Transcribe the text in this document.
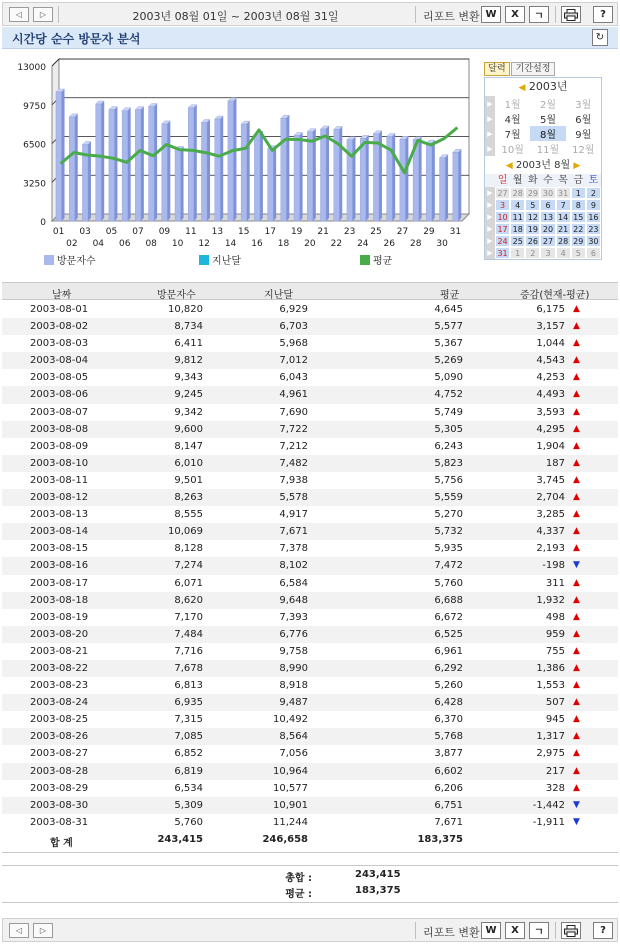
◁	▷	2003년 08월 01일 ~ 2003년 08월 31일	리포트 변환 W X ㄱ	?
시간당 순수 방문자 분석	↻
0
3250
6500
9750
13000
01
02
03
04
05
06
07
08
09
10
11
12
13
14
15
16
17
18
19
20
21
22
23
24
25
26
27
28
29
30
31
방문자수	지난달	평균
달력	기간설정
◀ 2003년
▶	1월	2월	3월
▶	4월	5월	6월
▶	7월	8월	9월
▶ 10월	11월	12월
◀ 2003년 8월 ▶
일 월 화 수 목 금 토
▶ 27 28 29 30 31 1	2
▶ 3	4	5	6	7	8	9
▶ 10 11 12 13 14 15 16
▶ 17 18 19 20 21 22 23
▶ 24 25 26 27 28 29 30
▶ 31 1	2	3	4	5	6
날짜	방문자수	지난달	평균	증감(현재-평균)
2003-08-01	10,820	6,929	4,645	6,175 ▲
2003-08-02	8,734	6,703	5,577	3,157 ▲
2003-08-03	6,411	5,968	5,367	1,044 ▲
2003-08-04	9,812	7,012	5,269	4,543 ▲
2003-08-05	9,343	6,043	5,090	4,253 ▲
2003-08-06	9,245	4,961	4,752	4,493 ▲
2003-08-07	9,342	7,690	5,749	3,593 ▲
2003-08-08	9,600	7,722	5,305	4,295 ▲
2003-08-09	8,147	7,212	6,243	1,904 ▲
2003-08-10	6,010	7,482	5,823	187 ▲
2003-08-11	9,501	7,938	5,756	3,745 ▲
2003-08-12	8,263	5,578	5,559	2,704 ▲
2003-08-13	8,555	4,917	5,270	3,285 ▲
2003-08-14	10,069	7,671	5,732	4,337 ▲
2003-08-15	8,128	7,378	5,935	2,193 ▲
2003-08-16	7,274	8,102	7,472	-198 ▼
2003-08-17	6,071	6,584	5,760	311 ▲
2003-08-18	8,620	9,648	6,688	1,932 ▲
2003-08-19	7,170	7,393	6,672	498 ▲
2003-08-20	7,484	6,776	6,525	959 ▲
2003-08-21	7,716	9,758	6,961	755 ▲
2003-08-22	7,678	8,990	6,292	1,386 ▲
2003-08-23	6,813	8,918	5,260	1,553 ▲
2003-08-24	6,935	9,487	6,428	507 ▲
2003-08-25	7,315	10,492	6,370	945 ▲
2003-08-26	7,085	8,564	5,768	1,317 ▲
2003-08-27	6,852	7,056	3,877	2,975 ▲
2003-08-28	6,819	10,964	6,602	217 ▲
2003-08-29	6,534	10,577	6,206	328 ▲
2003-08-30	5,309	10,901	6,751	-1,442 ▼
2003-08-31	5,760	11,244	7,671	-1,911 ▼
합 계	243,415	246,658	183,375
총합 :	243,415
평균 :	183,375
◁	▷	리포트 변환 W X ㄱ	?
